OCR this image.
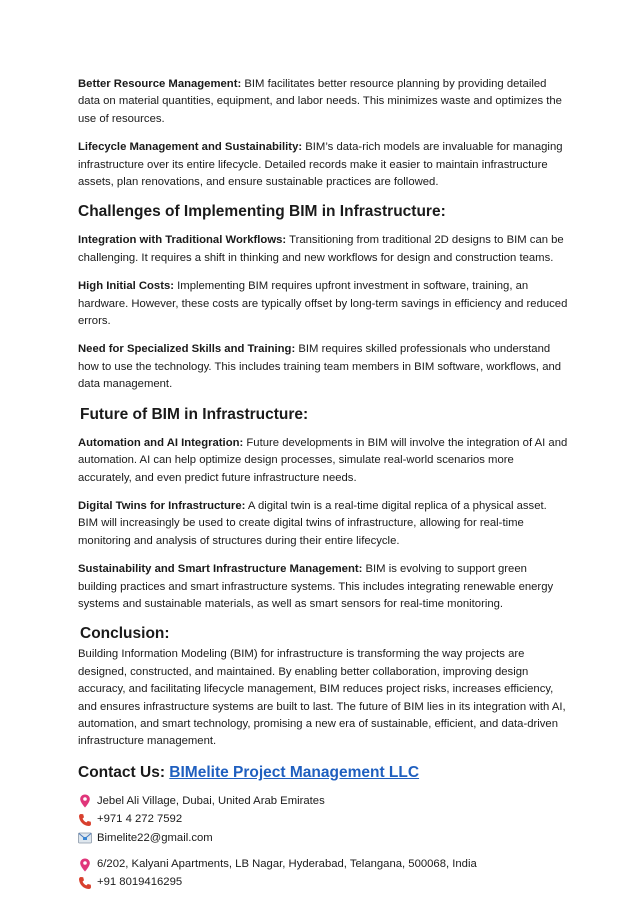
Better Resource Management: BIM facilitates better resource planning by providing detailed data on material quantities, equipment, and labor needs. This minimizes waste and optimizes the use of resources.

Lifecycle Management and Sustainability: BIM’s data-rich models are invaluable for managing infrastructure over its entire lifecycle. Detailed records make it easier to maintain infrastructure assets, plan renovations, and ensure sustainable practices are followed.

Challenges of Implementing BIM in Infrastructure:

Integration with Traditional Workflows: Transitioning from traditional 2D designs to BIM can be challenging. It requires a shift in thinking and new workflows for design and construction teams.

High Initial Costs: Implementing BIM requires upfront investment in software, training, an hardware. However, these costs are typically offset by long-term savings in efficiency and reduced errors.

Need for Specialized Skills and Training: BIM requires skilled professionals who understand how to use the technology. This includes training team members in BIM software, workflows, and data management.

Future of BIM in Infrastructure:

Automation and AI Integration: Future developments in BIM will involve the integration of AI and automation. AI can help optimize design processes, simulate real-world scenarios more accurately, and even predict future infrastructure needs.

Digital Twins for Infrastructure: A digital twin is a real-time digital replica of a physical asset. BIM will increasingly be used to create digital twins of infrastructure, allowing for real-time monitoring and analysis of structures during their entire lifecycle.

Sustainability and Smart Infrastructure Management: BIM is evolving to support green building practices and smart infrastructure systems. This includes integrating renewable energy systems and sustainable materials, as well as smart sensors for real-time monitoring.

Conclusion:

Building Information Modeling (BIM) for infrastructure is transforming the way projects are designed, constructed, and maintained. By enabling better collaboration, improving design accuracy, and facilitating lifecycle management, BIM reduces project risks, increases efficiency, and ensures infrastructure systems are built to last. The future of BIM lies in its integration with AI, automation, and smart technology, promising a new era of sustainable, efficient, and data-driven infrastructure management.

Contact Us: BIMelite Project Management LLC
Jebel Ali Village, Dubai, United Arab Emirates
+971 4 272 7592
Bimelite22@gmail.com
6/202, Kalyani Apartments, LB Nagar, Hyderabad, Telangana, 500068, India
+91 8019416295
